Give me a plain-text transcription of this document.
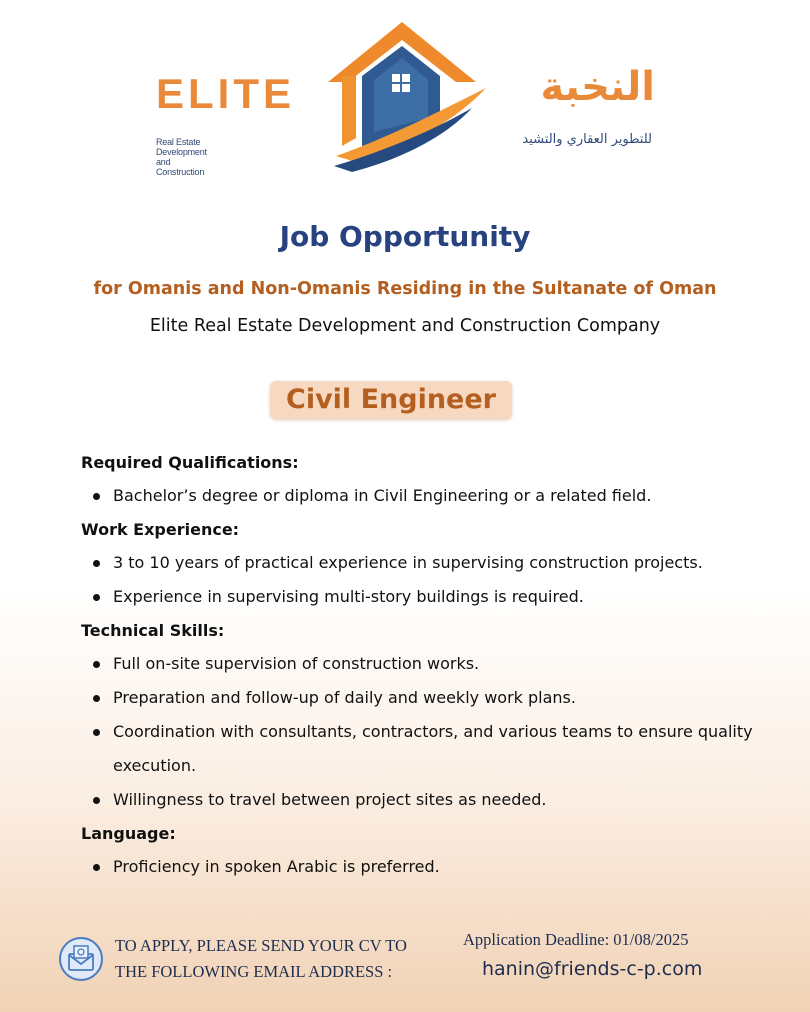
ELITE
Real Estate Development and Construction
النخبة
للتطوير العقاري والتشيد
Job Opportunity
for Omanis and Non-Omanis Residing in the Sultanate of Oman
Elite Real Estate Development and Construction Company
Civil Engineer
Required Qualifications:
Bachelor’s degree or diploma in Civil Engineering or a related field.
Work Experience:
3 to 10 years of practical experience in supervising construction projects.
Experience in supervising multi-story buildings is required.
Technical Skills:
Full on-site supervision of construction works.
Preparation and follow-up of daily and weekly work plans.
Coordination with consultants, contractors, and various teams to ensure quality execution.
Willingness to travel between project sites as needed.
Language:
Proficiency in spoken Arabic is preferred.
TO APPLY, PLEASE SEND YOUR CV TO
THE FOLLOWING EMAIL ADDRESS :
Application Deadline: 01/08/2025
hanin@friends-c-p.com
